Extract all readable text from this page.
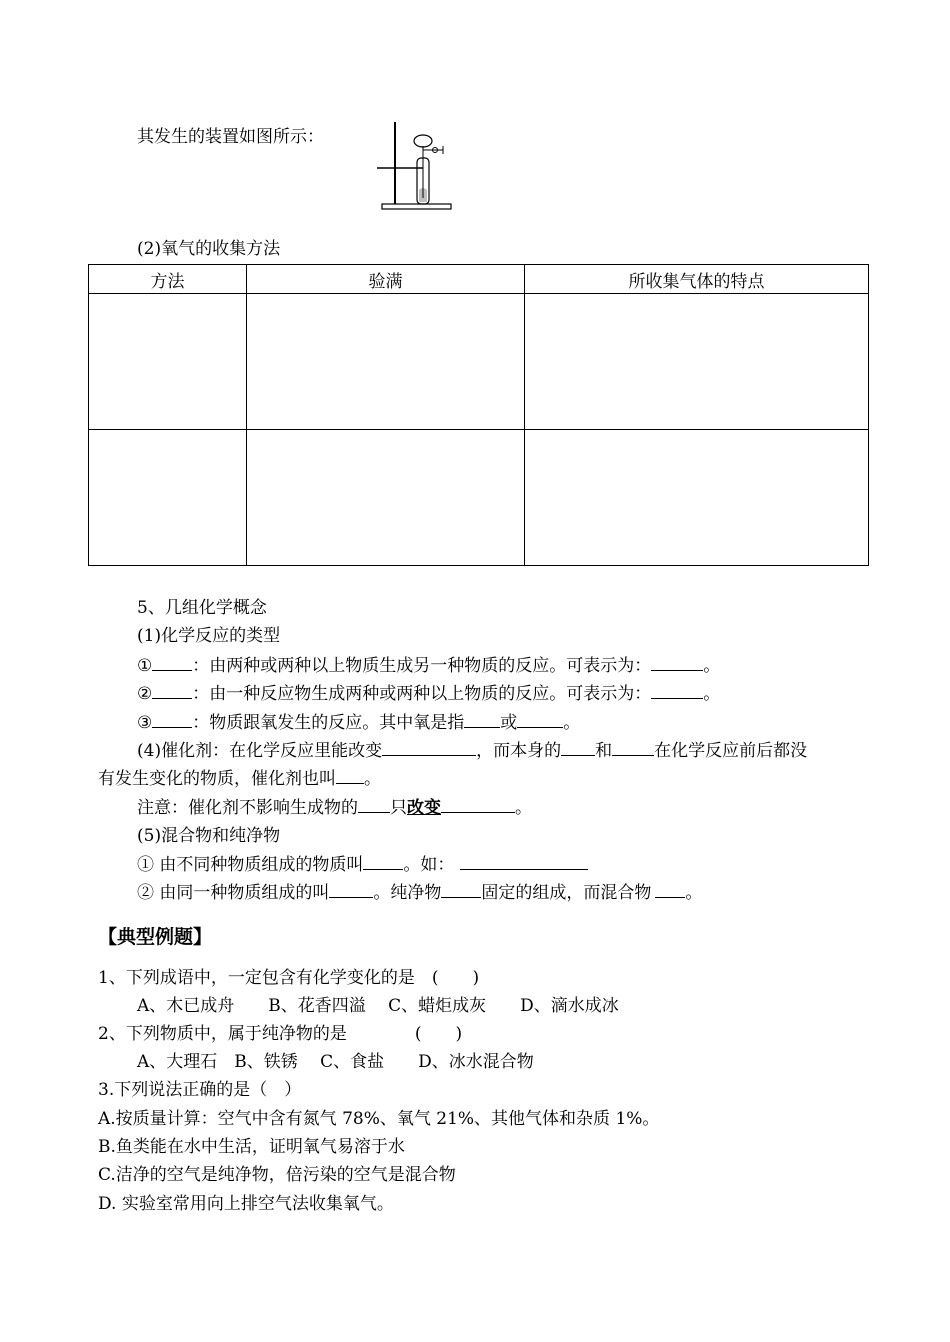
其发生的装置如图所示：
(2)氧气的收集方法
方法	验满	所收集气体的特点

5、几组化学概念
(1)化学反应的类型
① ：由两种或两种以上物质生成另一种物质的反应。可表示为：	。
② ：由一种反应物生成两种或两种以上物质的反应。可表示为：	。
③ ：物质跟氧发生的反应。其中氧是指 或	。
(4)催化剂：在化学反应里能改变	，而本身的 和 在化学反应前后都没
有发生变化的物质，催化剂也叫 。
注意：催化剂不影响生成物的 只改变	。
(5)混合物和纯净物
① 由不同种物质组成的物质叫 。如：
② 由同一种物质组成的叫	。纯净物 固定的组成，而混合物 。
【典型例题】
1、下列成语中，一定包含有化学变化的是　(　　)
A、木已成舟　　B、花香四溢　 C、蜡炬成灰　　D、滴水成冰
2、下列物质中，属于纯净物的是　　　　(　　)
A、大理石　B、铁锈　 C、食盐　　D、冰水混合物
3.下列说法正确的是（　）
A.按质量计算：空气中含有氮气 78%、氧气 21%、其他气体和杂质 1%。
B.鱼类能在水中生活，证明氧气易溶于水
C.洁净的空气是纯净物，倍污染的空气是混合物
D. 实验室常用向上排空气法收集氧气。
